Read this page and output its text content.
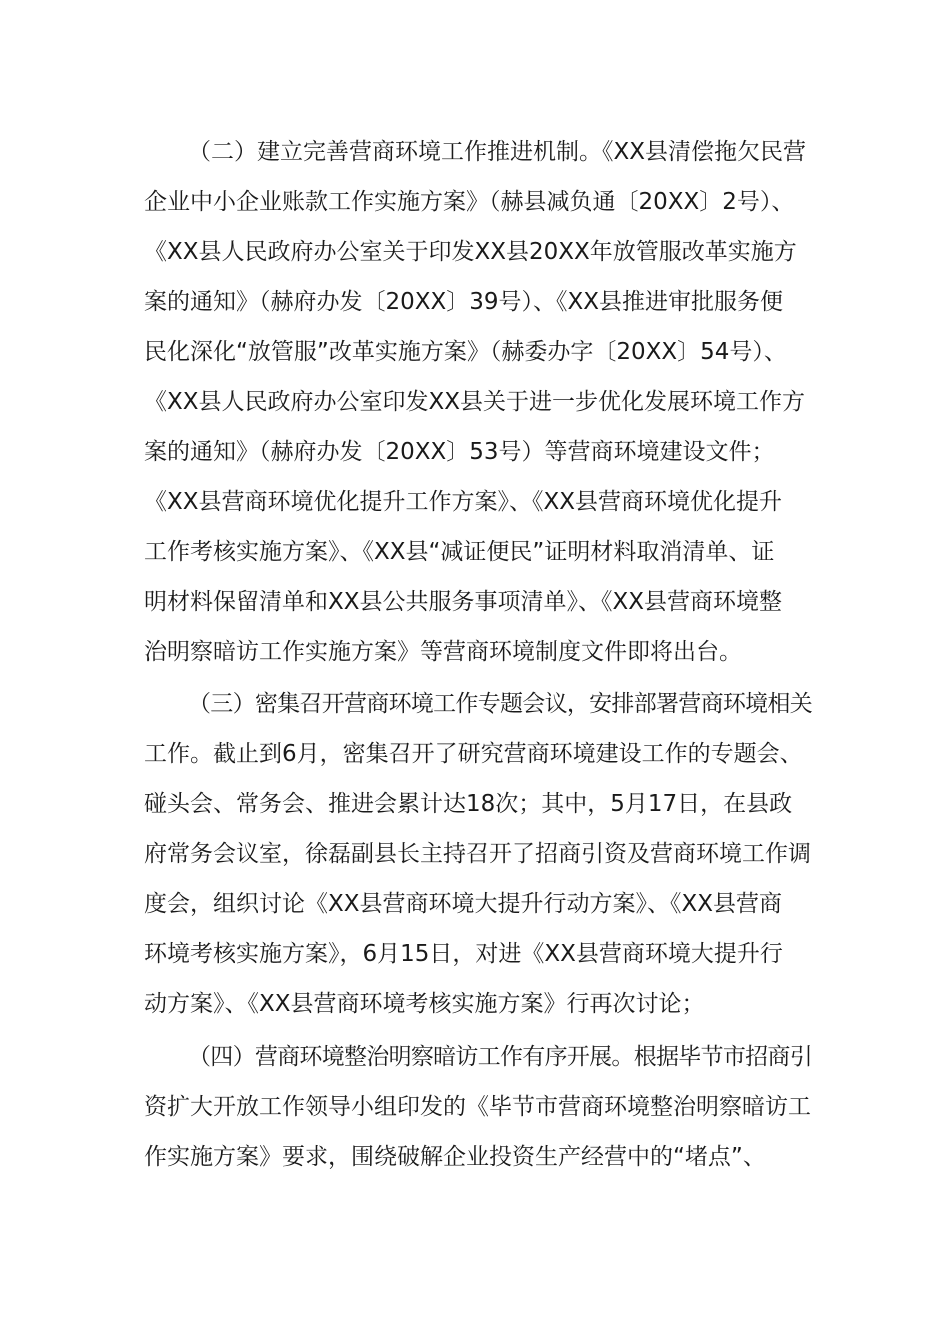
（二）建立完善营商环境工作推进机制。《XX县清偿拖欠民营
企业中小企业账款工作实施方案》（赫县减负通〔20XX〕2号）、
《XX县人民政府办公室关于印发XX县20XX年放管服改革实施方
案的通知》（赫府办发〔20XX〕39号）、《XX县推进审批服务便
民化深化“放管服”改革实施方案》（赫委办字〔20XX〕54号）、
《XX县人民政府办公室印发XX县关于进一步优化发展环境工作方
案的通知》（赫府办发〔20XX〕53号）等营商环境建设文件；
《XX县营商环境优化提升工作方案》、《XX县营商环境优化提升
工作考核实施方案》、《XX县“减证便民”证明材料取消清单、证
明材料保留清单和XX县公共服务事项清单》、《XX县营商环境整
治明察暗访工作实施方案》等营商环境制度文件即将出台。
（三）密集召开营商环境工作专题会议，安排部署营商环境相关
工作。截止到6月，密集召开了研究营商环境建设工作的专题会、
碰头会、常务会、推进会累计达18次；其中，5月17日，在县政
府常务会议室，徐磊副县长主持召开了招商引资及营商环境工作调
度会，组织讨论《XX县营商环境大提升行动方案》、《XX县营商
环境考核实施方案》，6月15日，对进《XX县营商环境大提升行
动方案》、《XX县营商环境考核实施方案》行再次讨论；
（四）营商环境整治明察暗访工作有序开展。根据毕节市招商引
资扩大开放工作领导小组印发的《毕节市营商环境整治明察暗访工
作实施方案》要求，围绕破解企业投资生产经营中的“堵点”、
